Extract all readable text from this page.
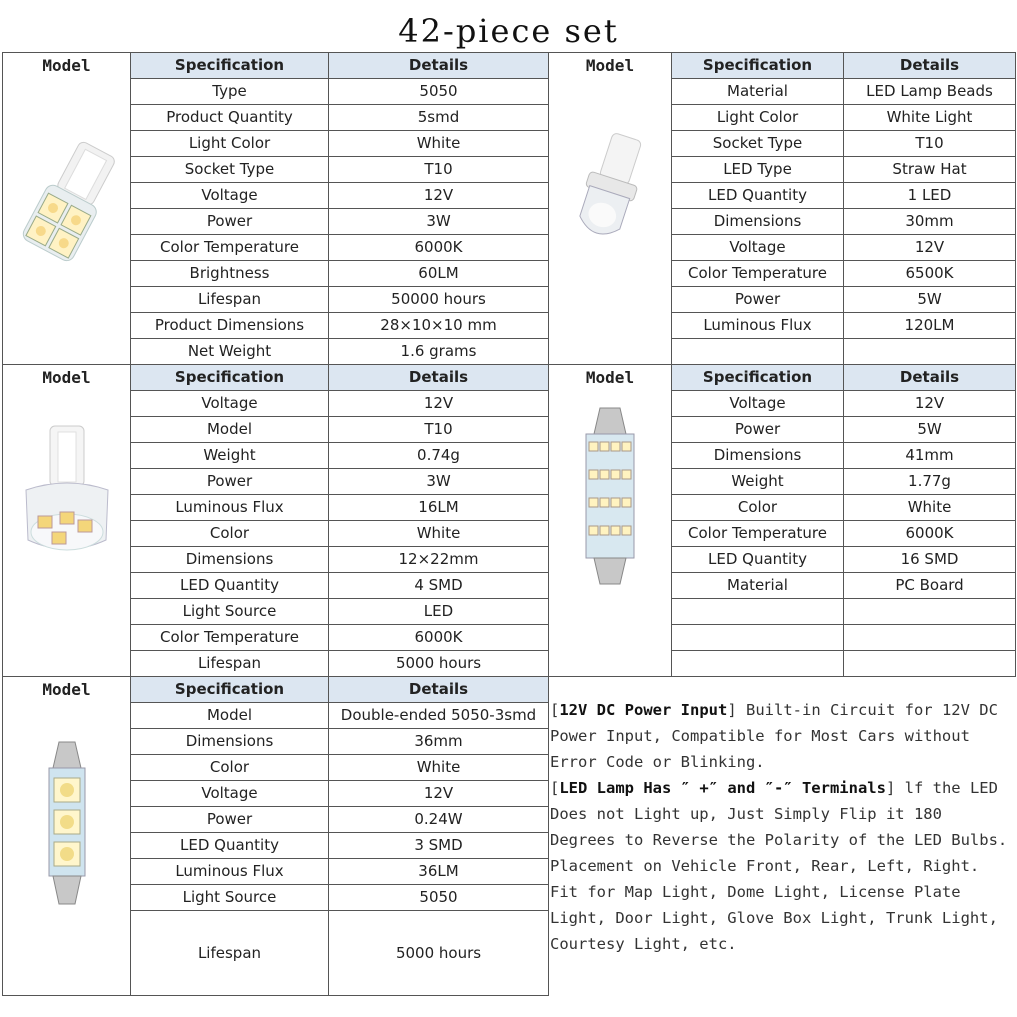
42-piece set
Model	Specification	Details
	Type	5050
	Product Quantity	5smd
	Light Color	White
	Socket Type	T10
	Voltage	12V
	Power	3W
	Color Temperature	6000K
	Brightness	60LM
	Lifespan	50000 hours
	Product Dimensions	28×10×10 mm
	Net Weight	1.6 grams
Model	Specification	Details
	Material	LED Lamp Beads
	Light Color	White Light
	Socket Type	T10
	LED Type	Straw Hat
	LED Quantity	1 LED
	Dimensions	30mm
	Voltage	12V
	Color Temperature	6500K
	Power	5W
	Luminous Flux	120LM

Model	Specification	Details
	Voltage	12V
	Model	T10
	Weight	0.74g
	Power	3W
	Luminous Flux	16LM
	Color	White
	Dimensions	12×22mm
	LED Quantity	4 SMD
	Light Source	LED
	Color Temperature	6000K
	Lifespan	5000 hours
Model	Specification	Details
	Voltage	12V
	Power	5W
	Dimensions	41mm
	Weight	1.77g
	Color	White
	Color Temperature	6000K
	LED Quantity	16 SMD
	Material	PC Board

Model	Specification	Details
	Model	Double-ended 5050-3smd
	Dimensions	36mm
	Color	White
	Voltage	12V
	Power	0.24W
	LED Quantity	3 SMD
	Luminous Flux	36LM
	Light Source	5050
	Lifespan	5000 hours

[12V DC Power Input] Built-in Circuit for 12V DC Power Input, Compatible for Most Cars without Error Code or Blinking.

[LED Lamp Has ″ +″ and ″-″ Terminals] lf the LED Does not Light up, Just Simply Flip it 180 Degrees to Reverse the Polarity of the LED Bulbs.

Placement on Vehicle Front, Rear, Left, Right. Fit for Map Light, Dome Light, License Plate Light, Door Light, Glove Box Light, Trunk Light, Courtesy Light, etc.
